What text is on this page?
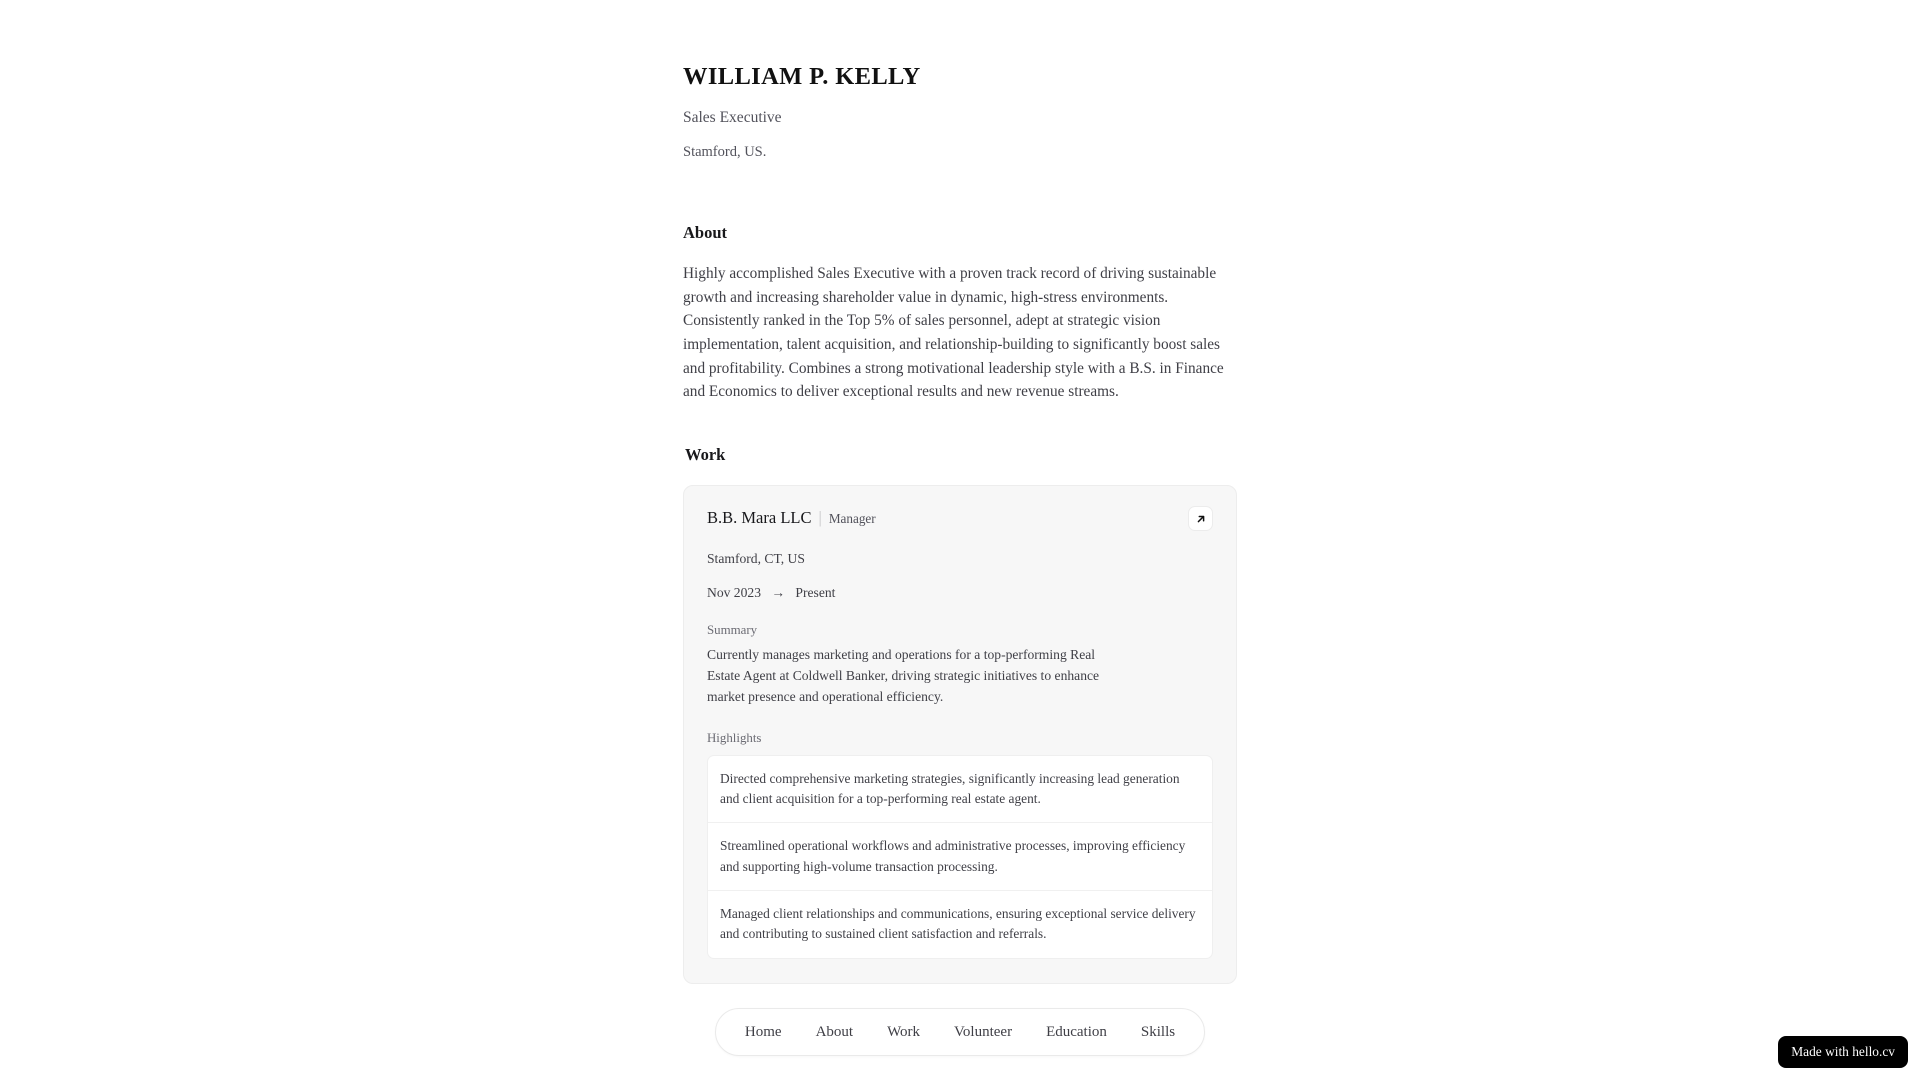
WILLIAM P. KELLY
Sales Executive
Stamford, US.
About

Highly accomplished Sales Executive with a proven track record of driving sustainable growth and increasing shareholder value in dynamic, high-stress environments. Consistently ranked in the Top 5% of sales personnel, adept at strategic vision implementation, talent acquisition, and relationship-building to significantly boost sales and profitability. Combines a strong motivational leadership style with a B.S. in Finance and Economics to deliver exceptional results and new revenue streams.

Work
B.B. Mara LLC | Manager
Stamford, CT, US
Nov 2023 → Present
Summary

Currently manages marketing and operations for a top-performing Real Estate Agent at Coldwell Banker, driving strategic initiatives to enhance market presence and operational efficiency.

Highlights
Directed comprehensive marketing strategies, significantly increasing lead generation and client acquisition for a top-performing real estate agent.
Streamlined operational workflows and administrative processes, improving efficiency and supporting high-volume transaction processing.
Managed client relationships and communications, ensuring exceptional service delivery and contributing to sustained client satisfaction and referrals.
Home	About	Work	Volunteer	Education	Skills
Made with hello.cv
